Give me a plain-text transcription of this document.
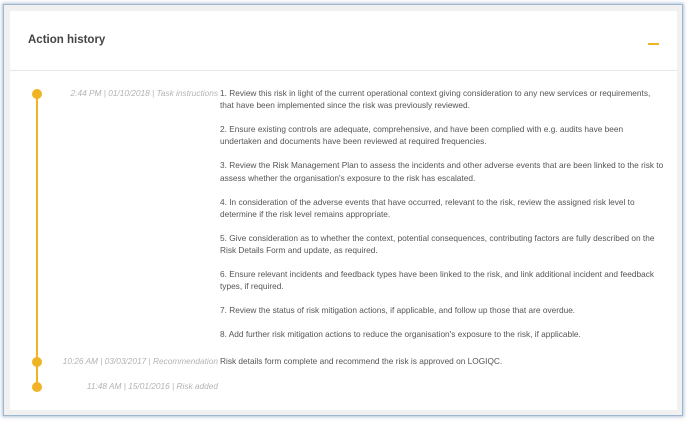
Action history
2:44 PM | 01/10/2018 | Task instructions 1. Review this risk in light of the current operational context giving consideration to any new services or requirements, that have been implemented since the risk was previously reviewed.

2. Ensure existing controls are adequate, comprehensive, and have been complied with e.g. audits have been undertaken and documents have been reviewed at required frequencies.

3. Review the Risk Management Plan to assess the incidents and other adverse events that are been linked to the risk to assess whether the organisation's exposure to the risk has escalated.

4. In consideration of the adverse events that have occurred, relevant to the risk, review the assigned risk level to determine if the risk level remains appropriate.

5. Give consideration as to whether the context, potential consequences, contributing factors are fully described on the Risk Details Form and update, as required.

6. Ensure relevant incidents and feedback types have been linked to the risk, and link additional incident and feedback types, if required.

7. Review the status of risk mitigation actions, if applicable, and follow up those that are overdue.

8. Add further risk mitigation actions to reduce the organisation's exposure to the risk, if applicable.

10:26 AM | 03/03/2017 | Recommendation Risk details form complete and recommend the risk is approved on LOGIQC.

11:48 AM | 15/01/2016 | Risk added
